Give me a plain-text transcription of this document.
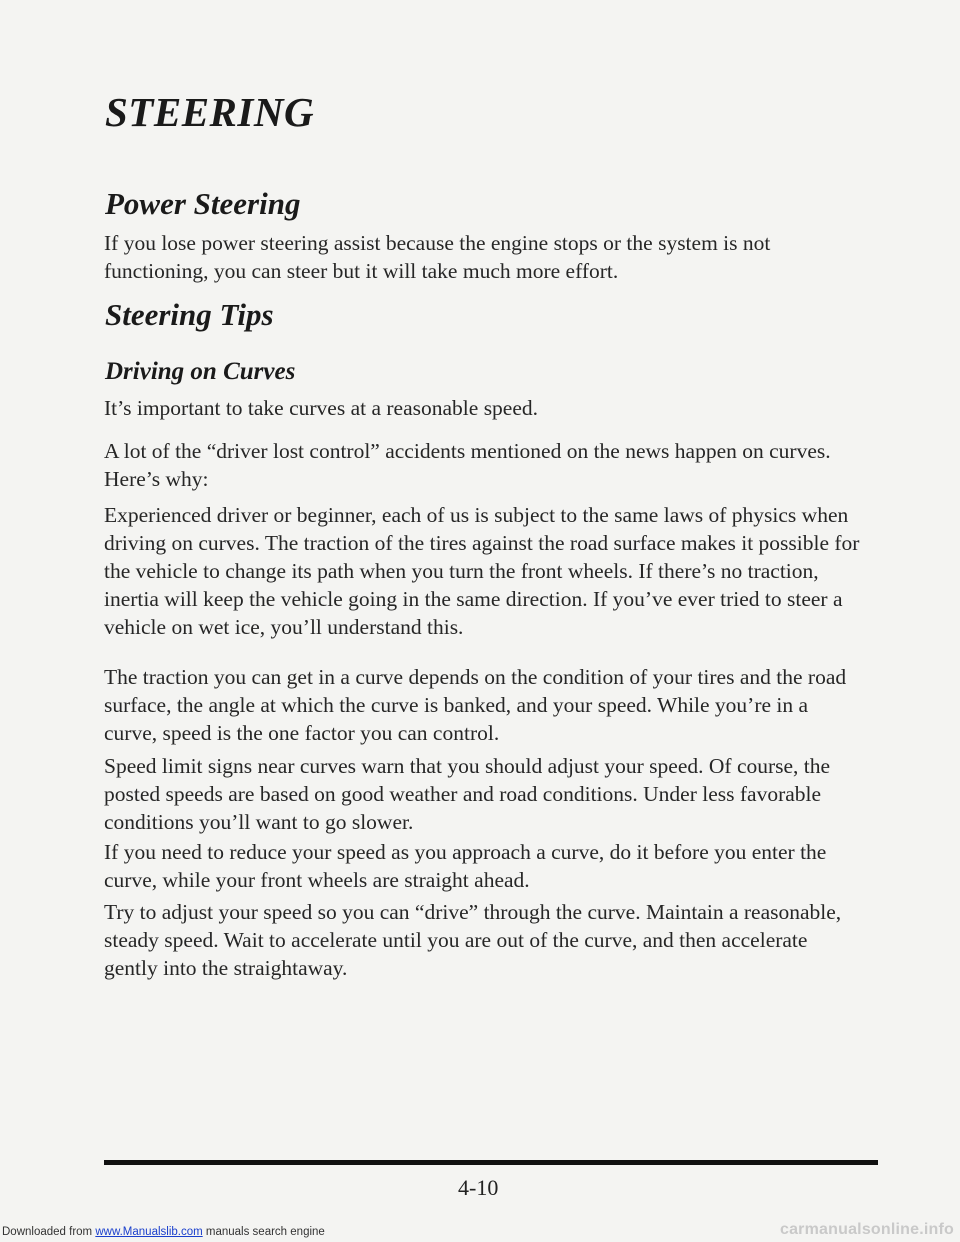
STEERING
Power Steering

If you lose power steering assist because the engine stops or the system is not functioning, you can steer but it will take much more effort.

Steering Tips
Driving on Curves

It’s important to take curves at a reasonable speed.

A lot of the “driver lost control” accidents mentioned on the news happen on curves. Here’s why:

Experienced driver or beginner, each of us is subject to the same laws of physics when driving on curves. The traction of the tires against the road surface makes it possible for the vehicle to change its path when you turn the front wheels. If there’s no traction, inertia will keep the vehicle going in the same direction. If you’ve ever tried to steer a vehicle on wet ice, you’ll understand this.

The traction you can get in a curve depends on the condition of your tires and the road surface, the angle at which the curve is banked, and your speed. While you’re in a curve, speed is the one factor you can control.

Speed limit signs near curves warn that you should adjust your speed. Of course, the posted speeds are based on good weather and road conditions. Under less favorable conditions you’ll want to go slower.

If you need to reduce your speed as you approach a curve, do it before you enter the curve, while your front wheels are straight ahead.

Try to adjust your speed so you can “drive” through the curve. Maintain a reasonable, steady speed. Wait to accelerate until you are out of the curve, and then accelerate gently into the straightaway.

4-10

Downloaded from www.Manualslib.com manuals search engine	carmanualsonline.info
